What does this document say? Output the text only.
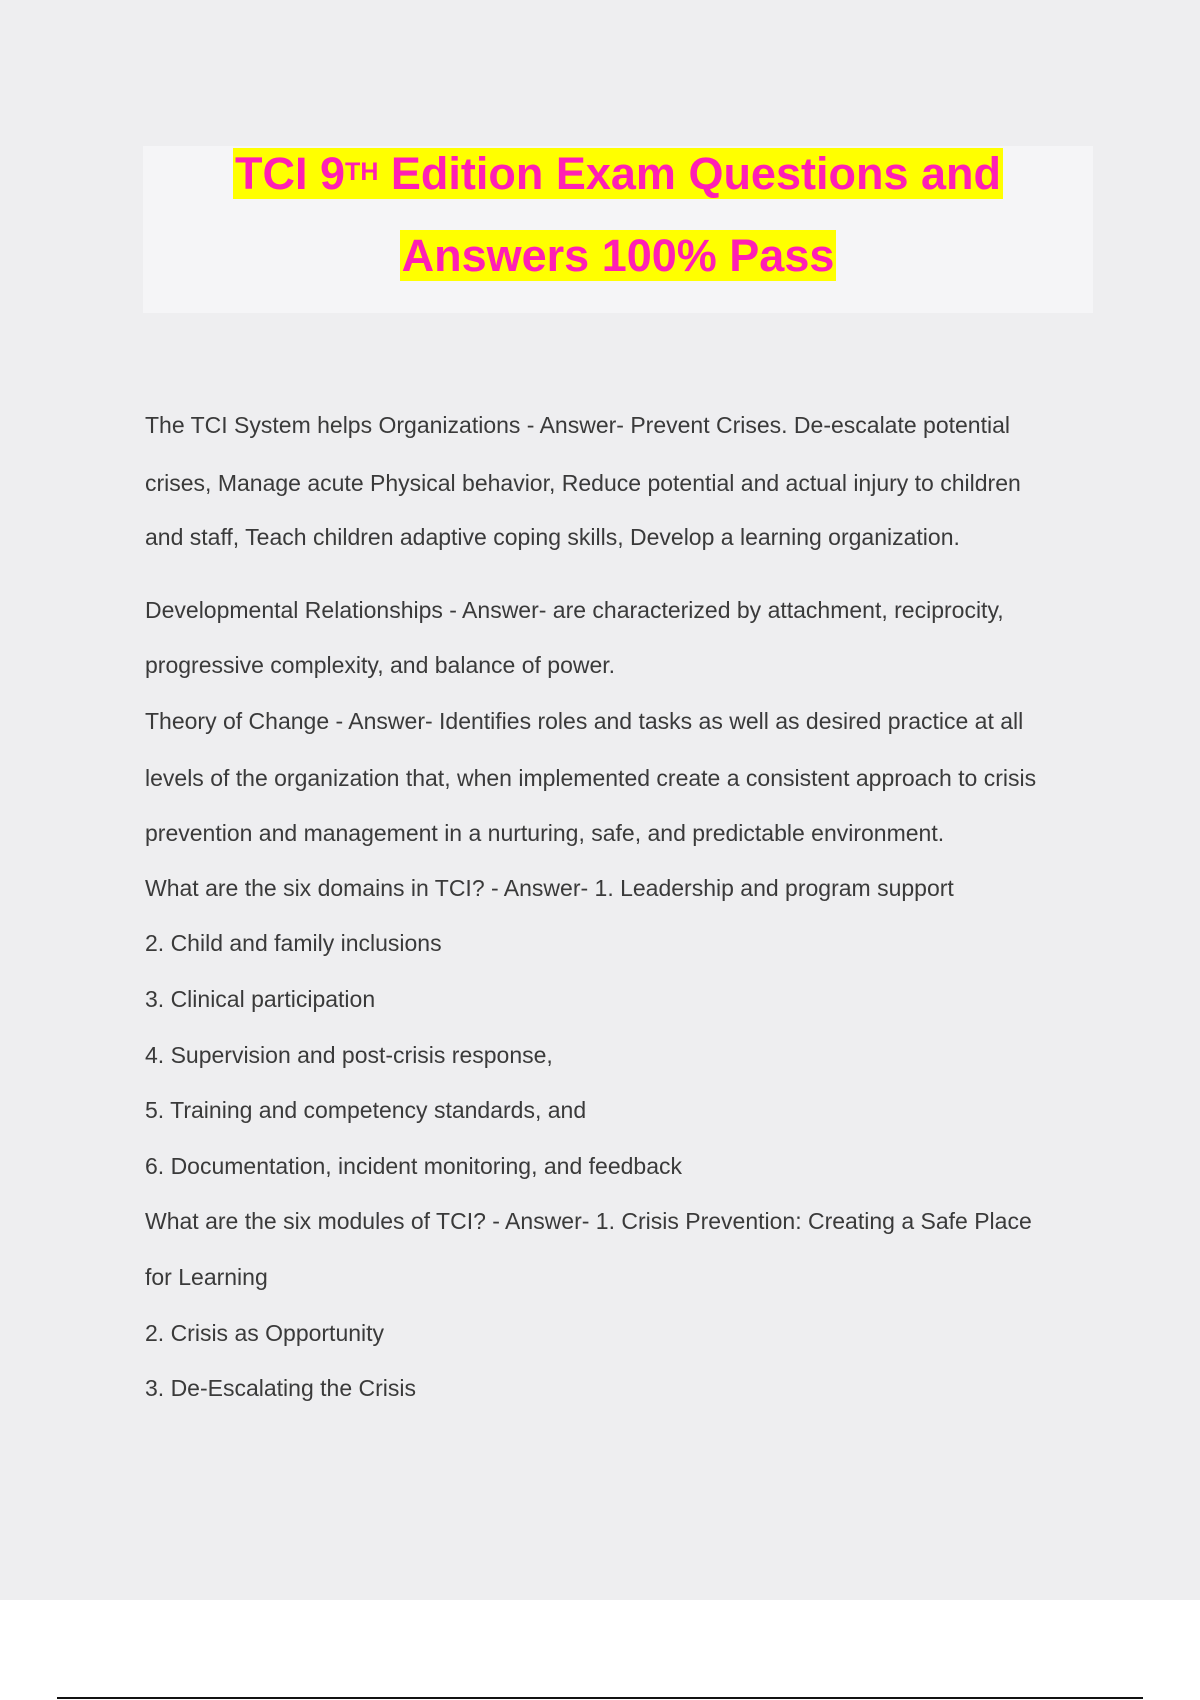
TCI 9TH Edition Exam Questions and
Answers 100% Pass
The TCI System helps Organizations - Answer- Prevent Crises. De-escalate potential
crises, Manage acute Physical behavior, Reduce potential and actual injury to children
and staff, Teach children adaptive coping skills, Develop a learning organization.
Developmental Relationships - Answer- are characterized by attachment, reciprocity,
progressive complexity, and balance of power.
Theory of Change - Answer- Identifies roles and tasks as well as desired practice at all
levels of the organization that, when implemented create a consistent approach to crisis
prevention and management in a nurturing, safe, and predictable environment.
What are the six domains in TCI? - Answer- 1. Leadership and program support
2. Child and family inclusions
3. Clinical participation
4. Supervision and post-crisis response,
5. Training and competency standards, and
6. Documentation, incident monitoring, and feedback
What are the six modules of TCI? - Answer- 1. Crisis Prevention: Creating a Safe Place
for Learning
2. Crisis as Opportunity
3. De-Escalating the Crisis
